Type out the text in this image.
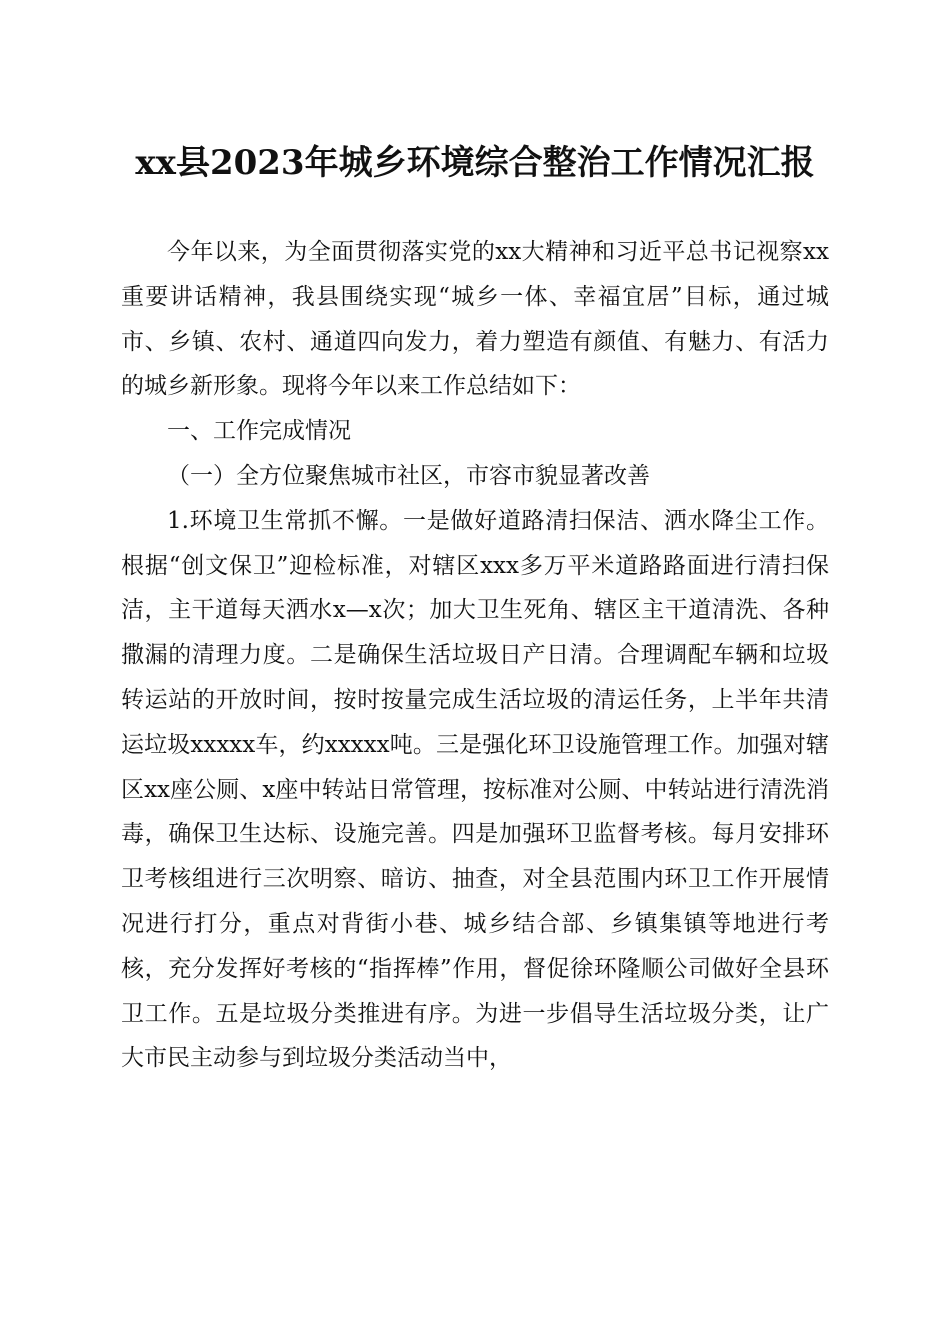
xx县2023年城乡环境综合整治工作情况汇报

今年以来，为全面贯彻落实党的xx大精神和习近平总书记视察xx重要讲话精神，我县围绕实现“城乡一体、幸福宜居”目标，通过城市、乡镇、农村、通道四向发力，着力塑造有颜值、有魅力、有活力的城乡新形象。现将今年以来工作总结如下：

一、工作完成情况

（一）全方位聚焦城市社区，市容市貌显著改善

1.环境卫生常抓不懈。一是做好道路清扫保洁、洒水降尘工作。根据“创文保卫”迎检标准，对辖区xxx多万平米道路路面进行清扫保洁，主干道每天洒水x—x次；加大卫生死角、辖区主干道清洗、各种撒漏的清理力度。二是确保生活垃圾日产日清。合理调配车辆和垃圾转运站的开放时间，按时按量完成生活垃圾的清运任务，上半年共清运垃圾xxxxx车，约xxxxx吨。三是强化环卫设施管理工作。加强对辖区xx座公厕、x座中转站日常管理，按标准对公厕、中转站进行清洗消毒，确保卫生达标、设施完善。四是加强环卫监督考核。每月安排环卫考核组进行三次明察、暗访、抽查，对全县范围内环卫工作开展情况进行打分，重点对背街小巷、城乡结合部、乡镇集镇等地进行考核，充分发挥好考核的“指挥棒”作用，督促徐环隆顺公司做好全县环卫工作。五是垃圾分类推进有序。为进一步倡导生活垃圾分类，让广大市民主动参与到垃圾分类活动当中，
